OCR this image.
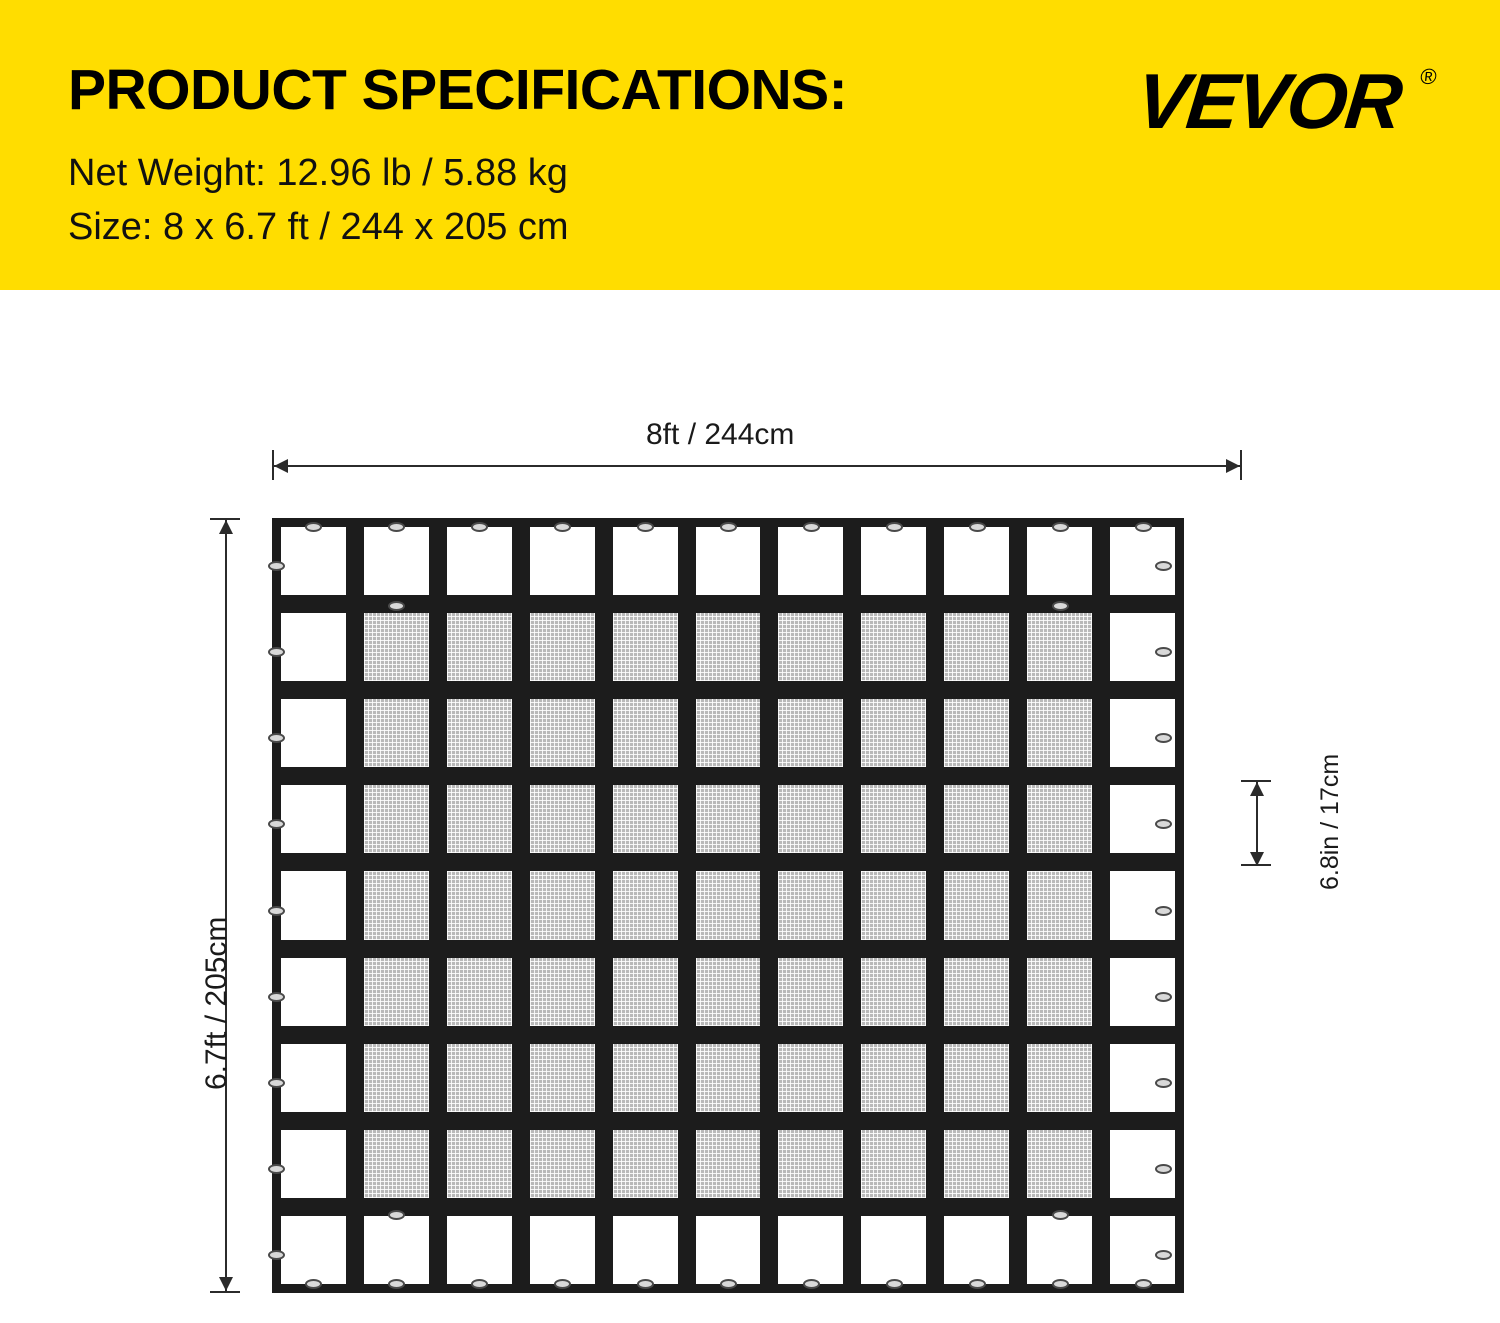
PRODUCT SPECIFICATIONS:
Net Weight: 12.96 lb / 5.88 kg
Size: 8 x 6.7 ft / 244 x 205 cm
VEVOR ®
8ft / 244cm
6.7ft / 205cm
6.8in / 17cm
